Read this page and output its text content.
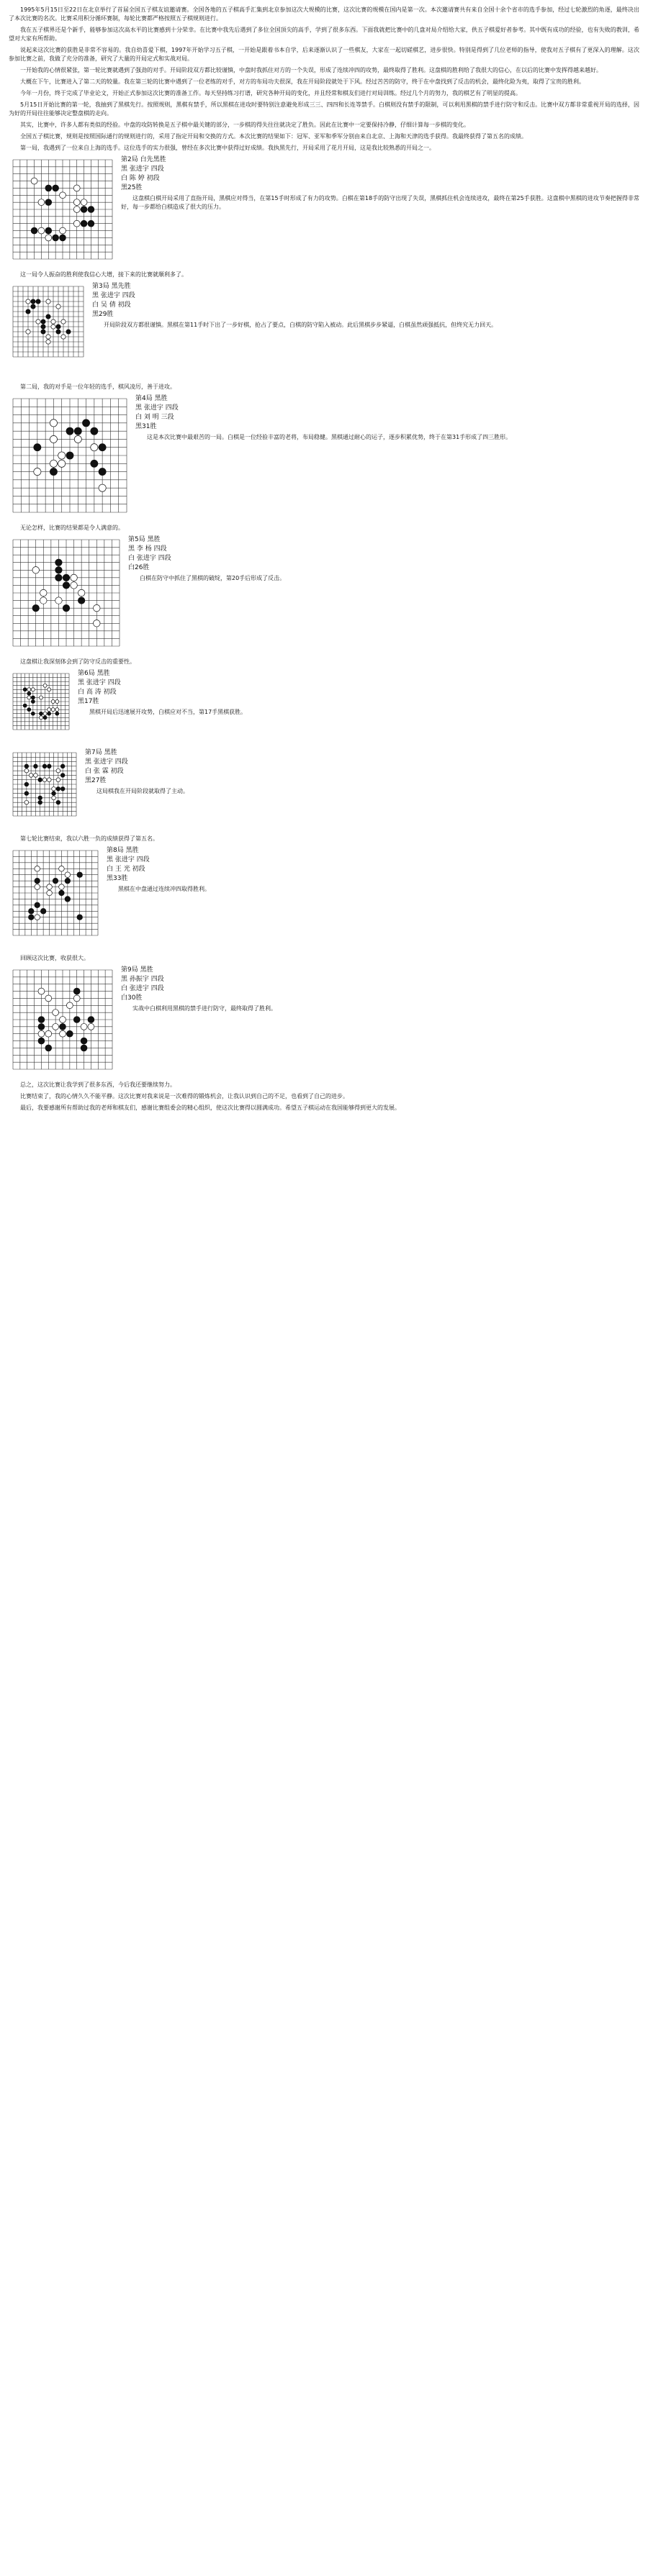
1995年5月15日至22日在北京举行了首届全国五子棋友谊邀请赛。全国各地的五子棋高手汇集到北京参加这次大规模的比赛，这次比赛的规模在国内是第一次。本次邀请赛共有来自全国十余个省市的选手参加，经过七轮激烈的角逐，最终决出了本次比赛的名次。比赛采用积分循环赛制，每轮比赛都严格按照五子棋规则进行。

我在五子棋界还是个新手，能够参加这次高水平的比赛感到十分荣幸。在比赛中我先后遇到了多位全国顶尖的高手，学到了很多东西。下面我就把比赛中的几盘对局介绍给大家，供五子棋爱好者参考。其中既有成功的经验，也有失败的教训，希望对大家有所帮助。

说起来这次比赛的获胜是非常不容易的。我自幼喜爱下棋，1997年开始学习五子棋，一开始是跟着书本自学，后来逐渐认识了一些棋友，大家在一起切磋棋艺，进步很快。特别是得到了几位老师的指导，使我对五子棋有了更深入的理解。这次参加比赛之前，我做了充分的准备，研究了大量的开局定式和实战对局。

一开始我的心情很紧张，第一轮比赛就遇到了强劲的对手。开局阶段双方都比较谨慎，中盘时我抓住对方的一个失误，形成了连续冲四的攻势，最终取得了胜利。这盘棋的胜利给了我很大的信心，在以后的比赛中发挥得越来越好。

大概在下午，比赛进入了第二天的较量。我在第三轮的比赛中遇到了一位老练的对手，对方的布局功夫很深，我在开局阶段就处于下风。经过苦苦的防守，终于在中盘找到了反击的机会，最终化险为夷，取得了宝贵的胜利。

今年一月份，终于完成了毕业论文，开始正式参加这次比赛的准备工作。每天坚持练习打谱，研究各种开局的变化，并且经常和棋友们进行对局训练。经过几个月的努力，我的棋艺有了明显的提高。

5月15日开始比赛的第一轮，我抽到了黑棋先行。按照规则，黑棋有禁手，所以黑棋在进攻时要特别注意避免形成三三、四四和长连等禁手。白棋则没有禁手的限制，可以利用黑棋的禁手进行防守和反击。比赛中双方都非常重视开局的选择，因为好的开局往往能够决定整盘棋的走向。

其实，比赛中，许多人都有类似的经验。中盘的攻防转换是五子棋中最关键的部分，一步棋的得失往往就决定了胜负。因此在比赛中一定要保持冷静，仔细计算每一步棋的变化。

全国五子棋比赛，规则是按照国际通行的规则进行的，采用了指定开局和交换的方式。本次比赛的结果如下：冠军、亚军和季军分别由来自北京、上海和天津的选手获得。我最终获得了第五名的成绩。

第一局，我遇到了一位来自上海的选手。这位选手的实力很强，曾经在多次比赛中获得过好成绩。我执黑先行，开局采用了花月开局，这是我比较熟悉的开局之一。

第2局 白先黑胜
黑 张进宇 四段
白 陈 婷 初段
黑25胜

这盘棋白棋开局采用了直指开局，黑棋应对得当，在第15手时形成了有力的攻势。白棋在第18手的防守出现了失误，黑棋抓住机会连续进攻，最终在第25手获胜。这盘棋中黑棋的进攻节奏把握得非常好，每一步都给白棋造成了很大的压力。

这一局令人振奋的胜利使我信心大增，接下来的比赛就顺利多了。

第3局 黑先胜
黑 张进宇 四段
白 吴 倩 初段
黑29胜

开局阶段双方都很谨慎。黑棋在第11手时下出了一步好棋，抢占了要点，白棋的防守陷入被动。此后黑棋步步紧逼，白棋虽然顽强抵抗，但终究无力回天。

第二局，我的对手是一位年轻的选手，棋风凌厉，善于进攻。

第4局 黑胜
黑 张进宇 四段
白 刘 明 三段
黑31胜

这是本次比赛中最艰苦的一局。白棋是一位经验丰富的老将，布局稳健。黑棋通过耐心的运子，逐步积累优势，终于在第31手形成了四三胜形。

无论怎样，比赛的结果都是令人满意的。

第5局 黑胜
黑 李 杨 四段
白 张进宇 四段
白26胜

白棋在防守中抓住了黑棋的破绽，第20手后形成了反击。

这盘棋让我深刻体会到了防守反击的重要性。

第6局 黑胜
黑 张进宇 四段
白 高 涛 初段
黑17胜

黑棋开局后迅速展开攻势，白棋应对不当，第17手黑棋获胜。

第7局 黑胜
黑 张进宇 四段
白 张 霖 初段
黑27胜

这局棋我在开局阶段就取得了主动。

第七轮比赛结束，我以六胜一负的成绩获得了第五名。

第8局 黑胜
黑 张进宇 四段
白 王 光 初段
黑33胜

黑棋在中盘通过连续冲四取得胜利。

回顾这次比赛，收获很大。

第9局 黑胜
黑 孙振宇 四段
白 张进宇 四段
白30胜

实战中白棋利用黑棋的禁手进行防守，最终取得了胜利。

总之，这次比赛让我学到了很多东西，今后我还要继续努力。

比赛结束了，我的心情久久不能平静。这次比赛对我来说是一次难得的锻炼机会，让我认识到自己的不足，也看到了自己的进步。

最后，我要感谢所有帮助过我的老师和棋友们，感谢比赛组委会的精心组织，使这次比赛得以圆满成功。希望五子棋运动在我国能够得到更大的发展。
